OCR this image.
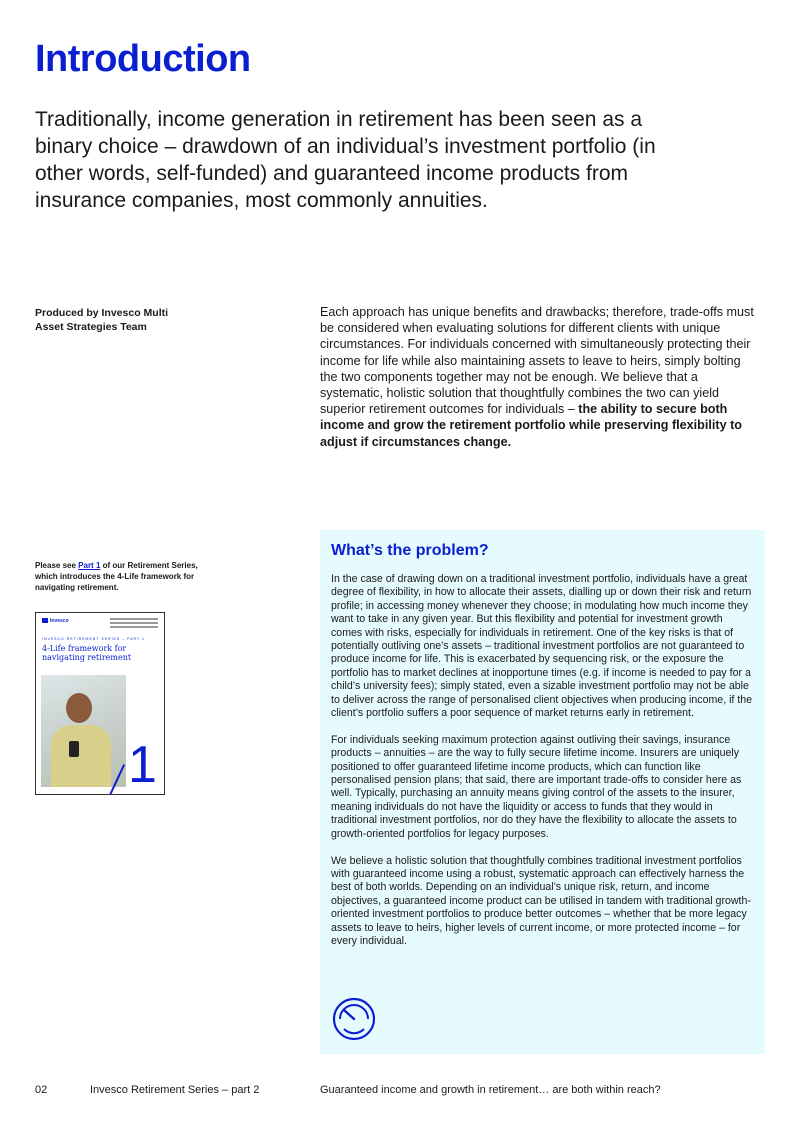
Introduction

Traditionally, income generation in retirement has been seen as a binary choice – drawdown of an individual’s investment portfolio (in other words, self-funded) and guaranteed income products from insurance companies, most commonly annuities.

Produced by Invesco Multi Asset Strategies Team

Each approach has unique benefits and drawbacks; therefore, trade-offs must be considered when evaluating solutions for different clients with unique circumstances. For individuals concerned with simultaneously protecting their income for life while also maintaining assets to leave to heirs, simply bolting the two components together may not be enough. We believe that a systematic, holistic solution that thoughtfully combines the two can yield superior retirement outcomes for individuals – the ability to secure both income and grow the retirement portfolio while preserving flexibility to adjust if circumstances change.

Please see Part 1 of our Retirement Series, which introduces the 4-Life framework for navigating retirement.

Invesco
INVESCO RETIREMENT SERIES – PART 1
4-Life framework for navigating retirement
1
What’s the problem?

In the case of drawing down on a traditional investment portfolio, individuals have a great degree of flexibility, in how to allocate their assets, dialling up or down their risk and return profile; in accessing money whenever they choose; in modulating how much income they want to take in any given year. But this flexibility and potential for investment growth comes with risks, especially for individuals in retirement. One of the key risks is that of potentially outliving one’s assets – traditional investment portfolios are not guaranteed to produce income for life. This is exacerbated by sequencing risk, or the exposure the portfolio has to market declines at inopportune times (e.g. if income is needed to pay for a child’s university fees); simply stated, even a sizable investment portfolio may not be able to deliver across the range of personalised client objectives when producing income, if the client’s portfolio suffers a poor sequence of market returns early in retirement.

For individuals seeking maximum protection against outliving their savings, insurance products – annuities – are the way to fully secure lifetime income. Insurers are uniquely positioned to offer guaranteed lifetime income products, which can function like personalised pension plans; that said, there are important trade-offs to consider here as well. Typically, purchasing an annuity means giving control of the assets to the insurer, meaning individuals do not have the liquidity or access to funds that they would in traditional investment portfolios, nor do they have the flexibility to allocate the assets to growth-oriented portfolios for legacy purposes.

We believe a holistic solution that thoughtfully combines traditional investment portfolios with guaranteed income using a robust, systematic approach can effectively harness the best of both worlds. Depending on an individual’s unique risk, return, and income objectives, a guaranteed income product can be utilised in tandem with traditional growth-oriented investment portfolios to produce better outcomes – whether that be more legacy assets to leave to heirs, higher levels of current income, or more protected income – for every individual.

02	Invesco Retirement Series – part 2	Guaranteed income and growth in retirement… are both within reach?
